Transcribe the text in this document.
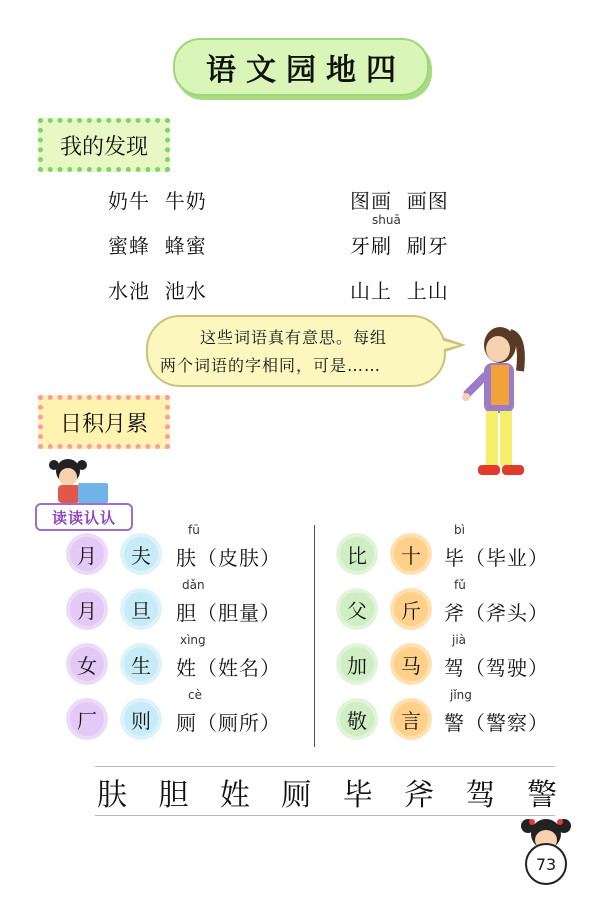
语文园地四
我的发现
奶牛 牛奶
蜜蜂 蜂蜜
水池 池水
图画 画图
shuā
牙刷 刷牙
山上 上山
这些词语真有意思。每组
两个词语的字相同，可是……
日积月累
读读认认
月	夫
fū
肤（皮肤）
月	旦
dǎn
胆（胆量）
女	生
xìng
姓（姓名）
厂	则
cè
厕（厕所）
比	十
bì
毕（毕业）
父	斤
fǔ
斧（斧头）
加	马
jià
驾（驾驶）
敬	言
jǐng
警（警察）
肤 胆 姓 厕 毕 斧 驾 警
73
